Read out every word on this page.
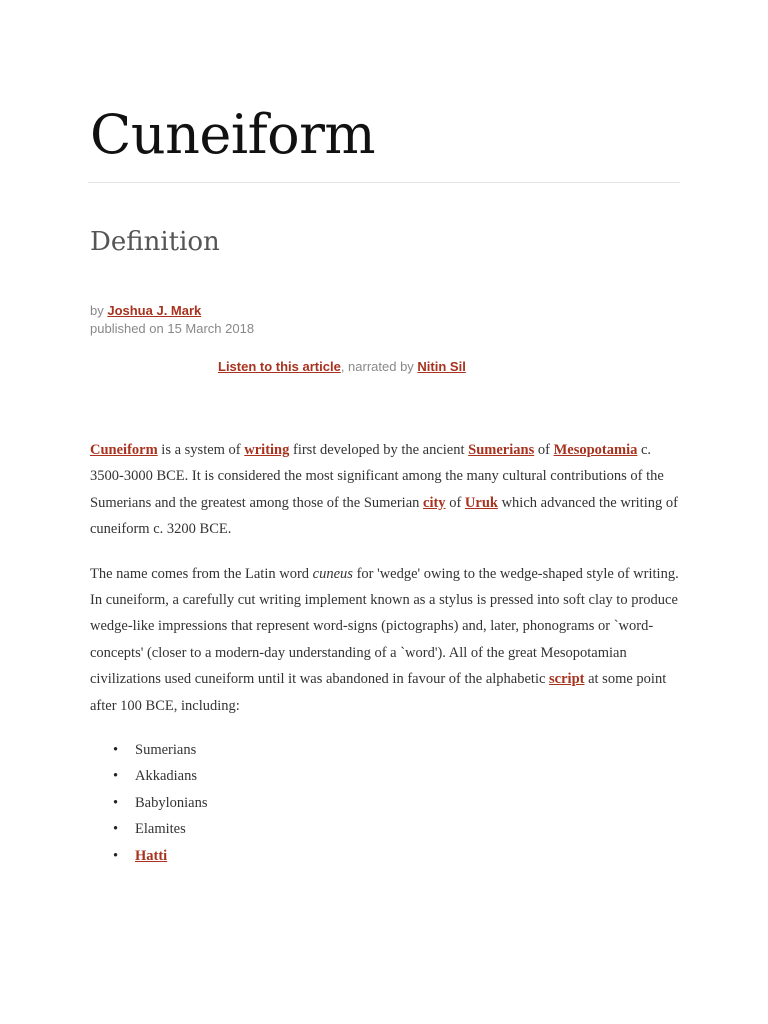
Cuneiform
Definition
by Joshua J. Mark
published on 15 March 2018
Listen to this article, narrated by Nitin Sil

Cuneiform is a system of writing first developed by the ancient Sumerians of Mesopotamia c. 3500-3000 BCE. It is considered the most significant among the many cultural contributions of the Sumerians and the greatest among those of the Sumerian city of Uruk which advanced the writing of cuneiform c. 3200 BCE.

The name comes from the Latin word cuneus for 'wedge' owing to the wedge-shaped style of writing. In cuneiform, a carefully cut writing implement known as a stylus is pressed into soft clay to produce wedge-like impressions that represent word-signs (pictographs) and, later, phonograms or `word-concepts' (closer to a modern-day understanding of a `word'). All of the great Mesopotamian civilizations used cuneiform until it was abandoned in favour of the alphabetic script at some point after 100 BCE, including:

• Sumerians
• Akkadians
• Babylonians
• Elamites
• Hatti
